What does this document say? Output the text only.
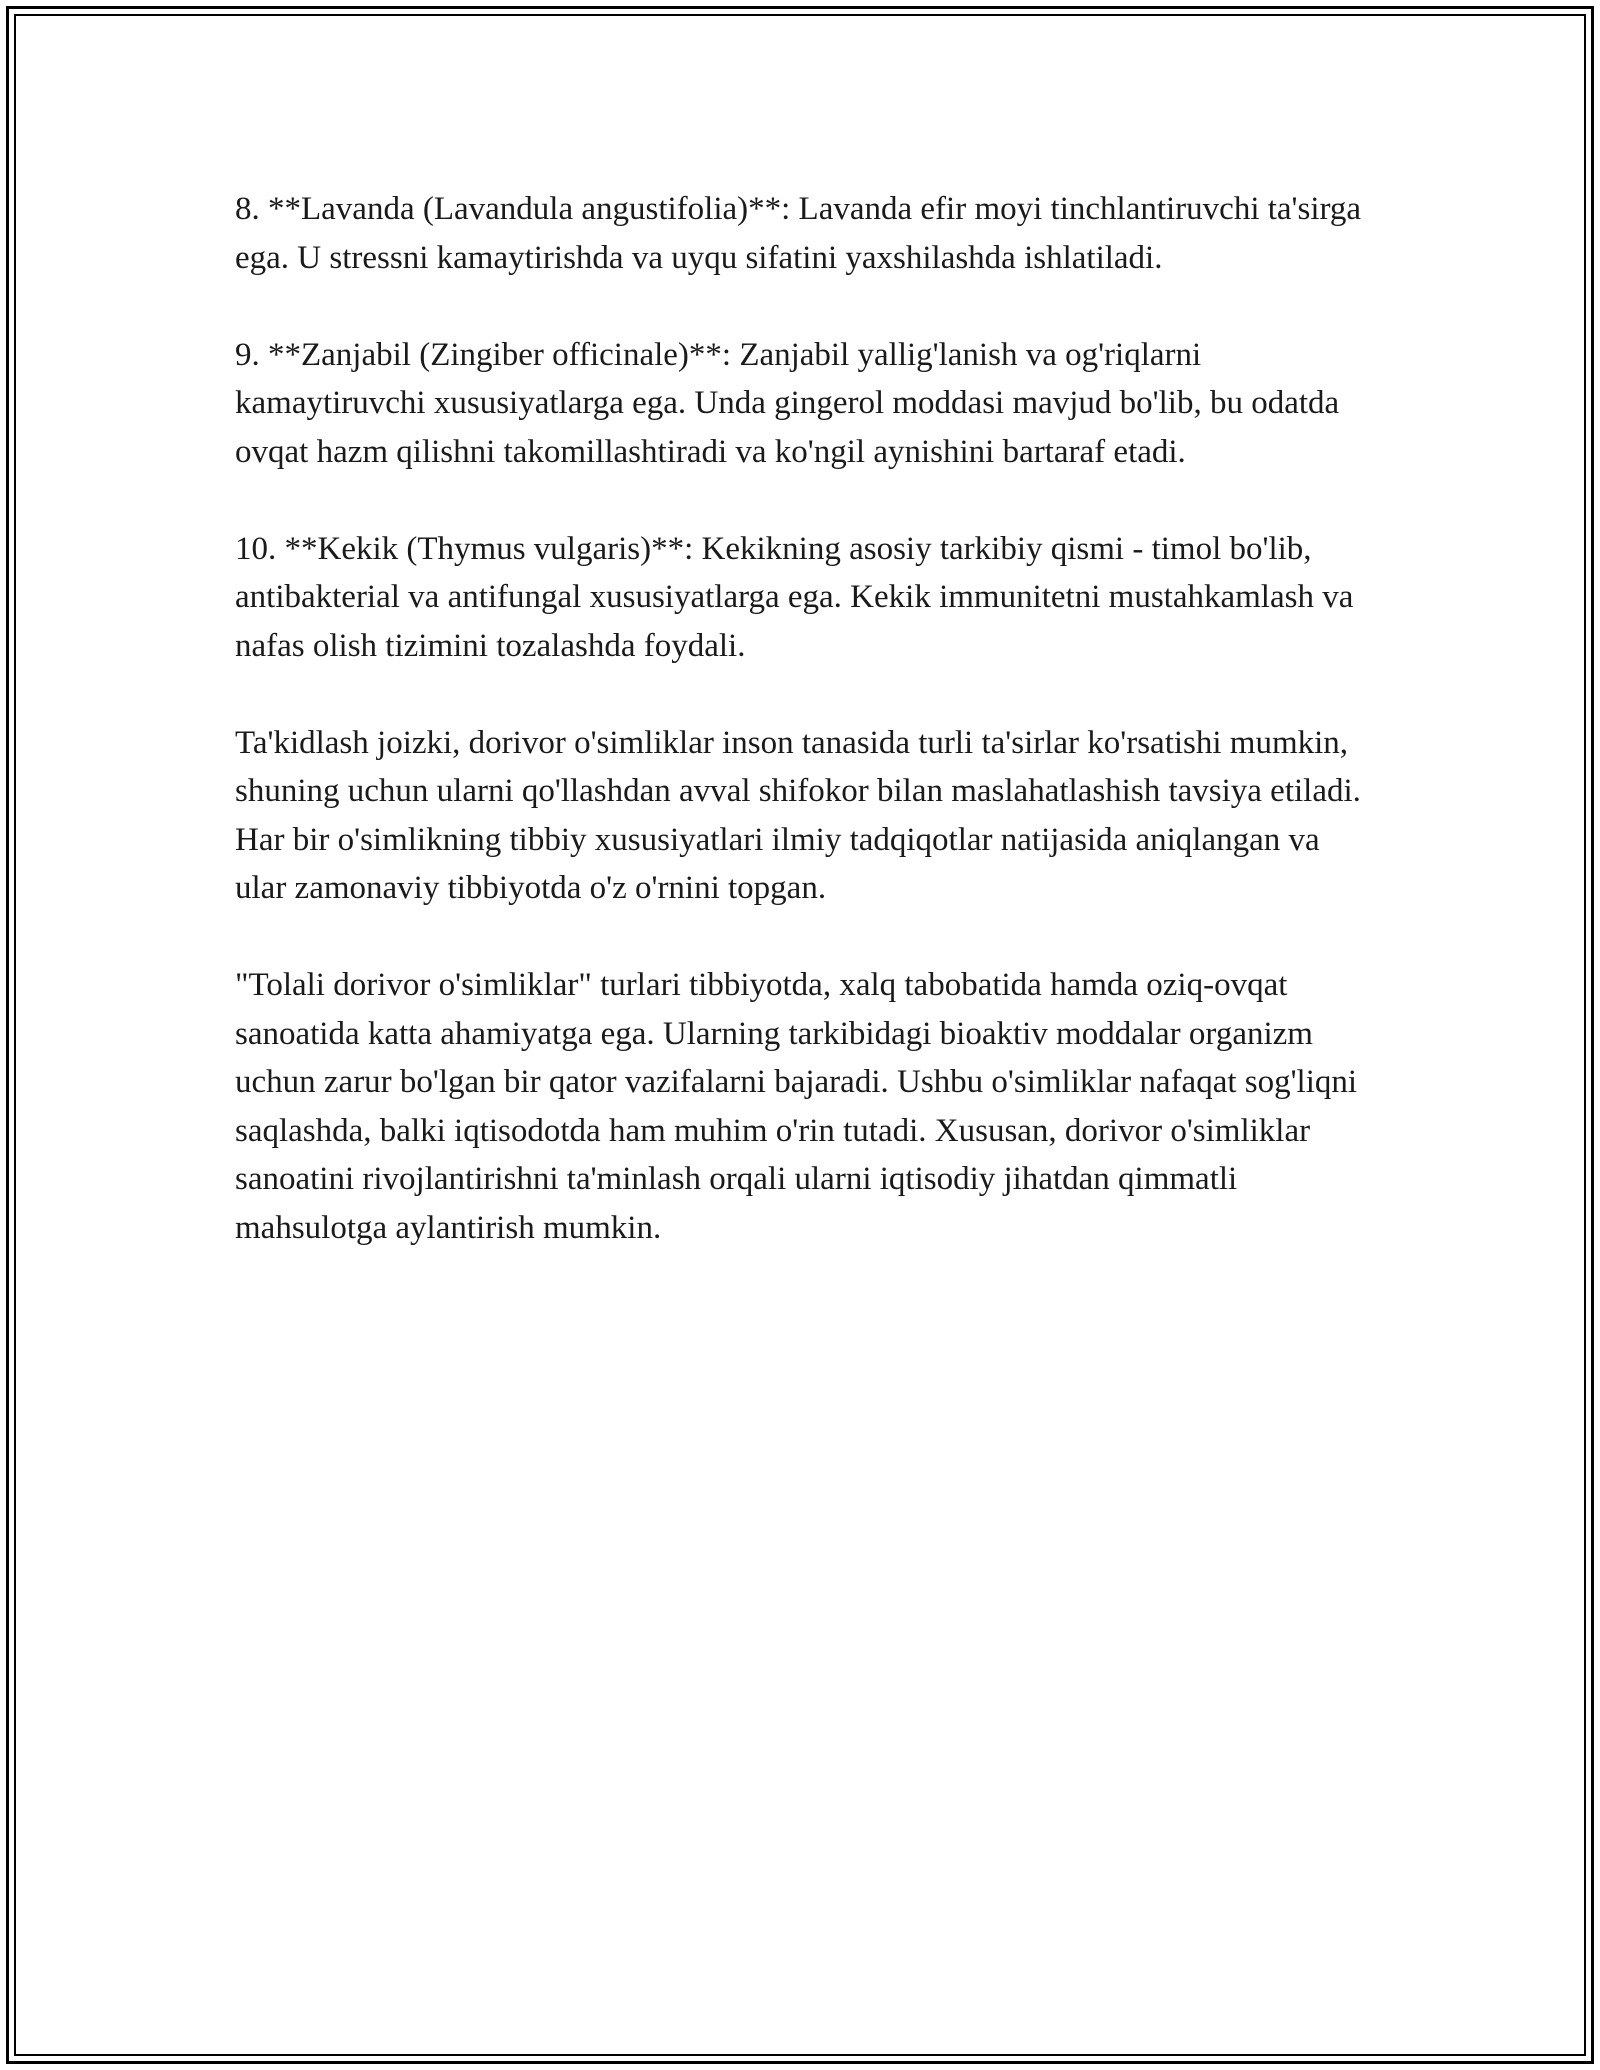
8. **Lavanda (Lavandula angustifolia)**: Lavanda efir moyi tinchlantiruvchi ta'sirga ega. U stressni kamaytirishda va uyqu sifatini yaxshilashda ishlatiladi.

9. **Zanjabil (Zingiber officinale)**: Zanjabil yallig'lanish va og'riqlarni kamaytiruvchi xususiyatlarga ega. Unda gingerol moddasi mavjud bo'lib, bu odatda ovqat hazm qilishni takomillashtiradi va ko'ngil aynishini bartaraf etadi.

10. **Kekik (Thymus vulgaris)**: Kekikning asosiy tarkibiy qismi - timol bo'lib, antibakterial va antifungal xususiyatlarga ega. Kekik immunitetni mustahkamlash va nafas olish tizimini tozalashda foydali.

Ta'kidlash joizki, dorivor o'simliklar inson tanasida turli ta'sirlar ko'rsatishi mumkin, shuning uchun ularni qo'llashdan avval shifokor bilan maslahatlashish tavsiya etiladi. Har bir o'simlikning tibbiy xususiyatlari ilmiy tadqiqotlar natijasida aniqlangan va ular zamonaviy tibbiyotda o'z o'rnini topgan.

"Tolali dorivor o'simliklar" turlari tibbiyotda, xalq tabobatida hamda oziq-ovqat sanoatida katta ahamiyatga ega. Ularning tarkibidagi bioaktiv moddalar organizm uchun zarur bo'lgan bir qator vazifalarni bajaradi. Ushbu o'simliklar nafaqat sog'liqni saqlashda, balki iqtisodotda ham muhim o'rin tutadi. Xususan, dorivor o'simliklar sanoatini rivojlantirishni ta'minlash orqali ularni iqtisodiy jihatdan qimmatli mahsulotga aylantirish mumkin.
